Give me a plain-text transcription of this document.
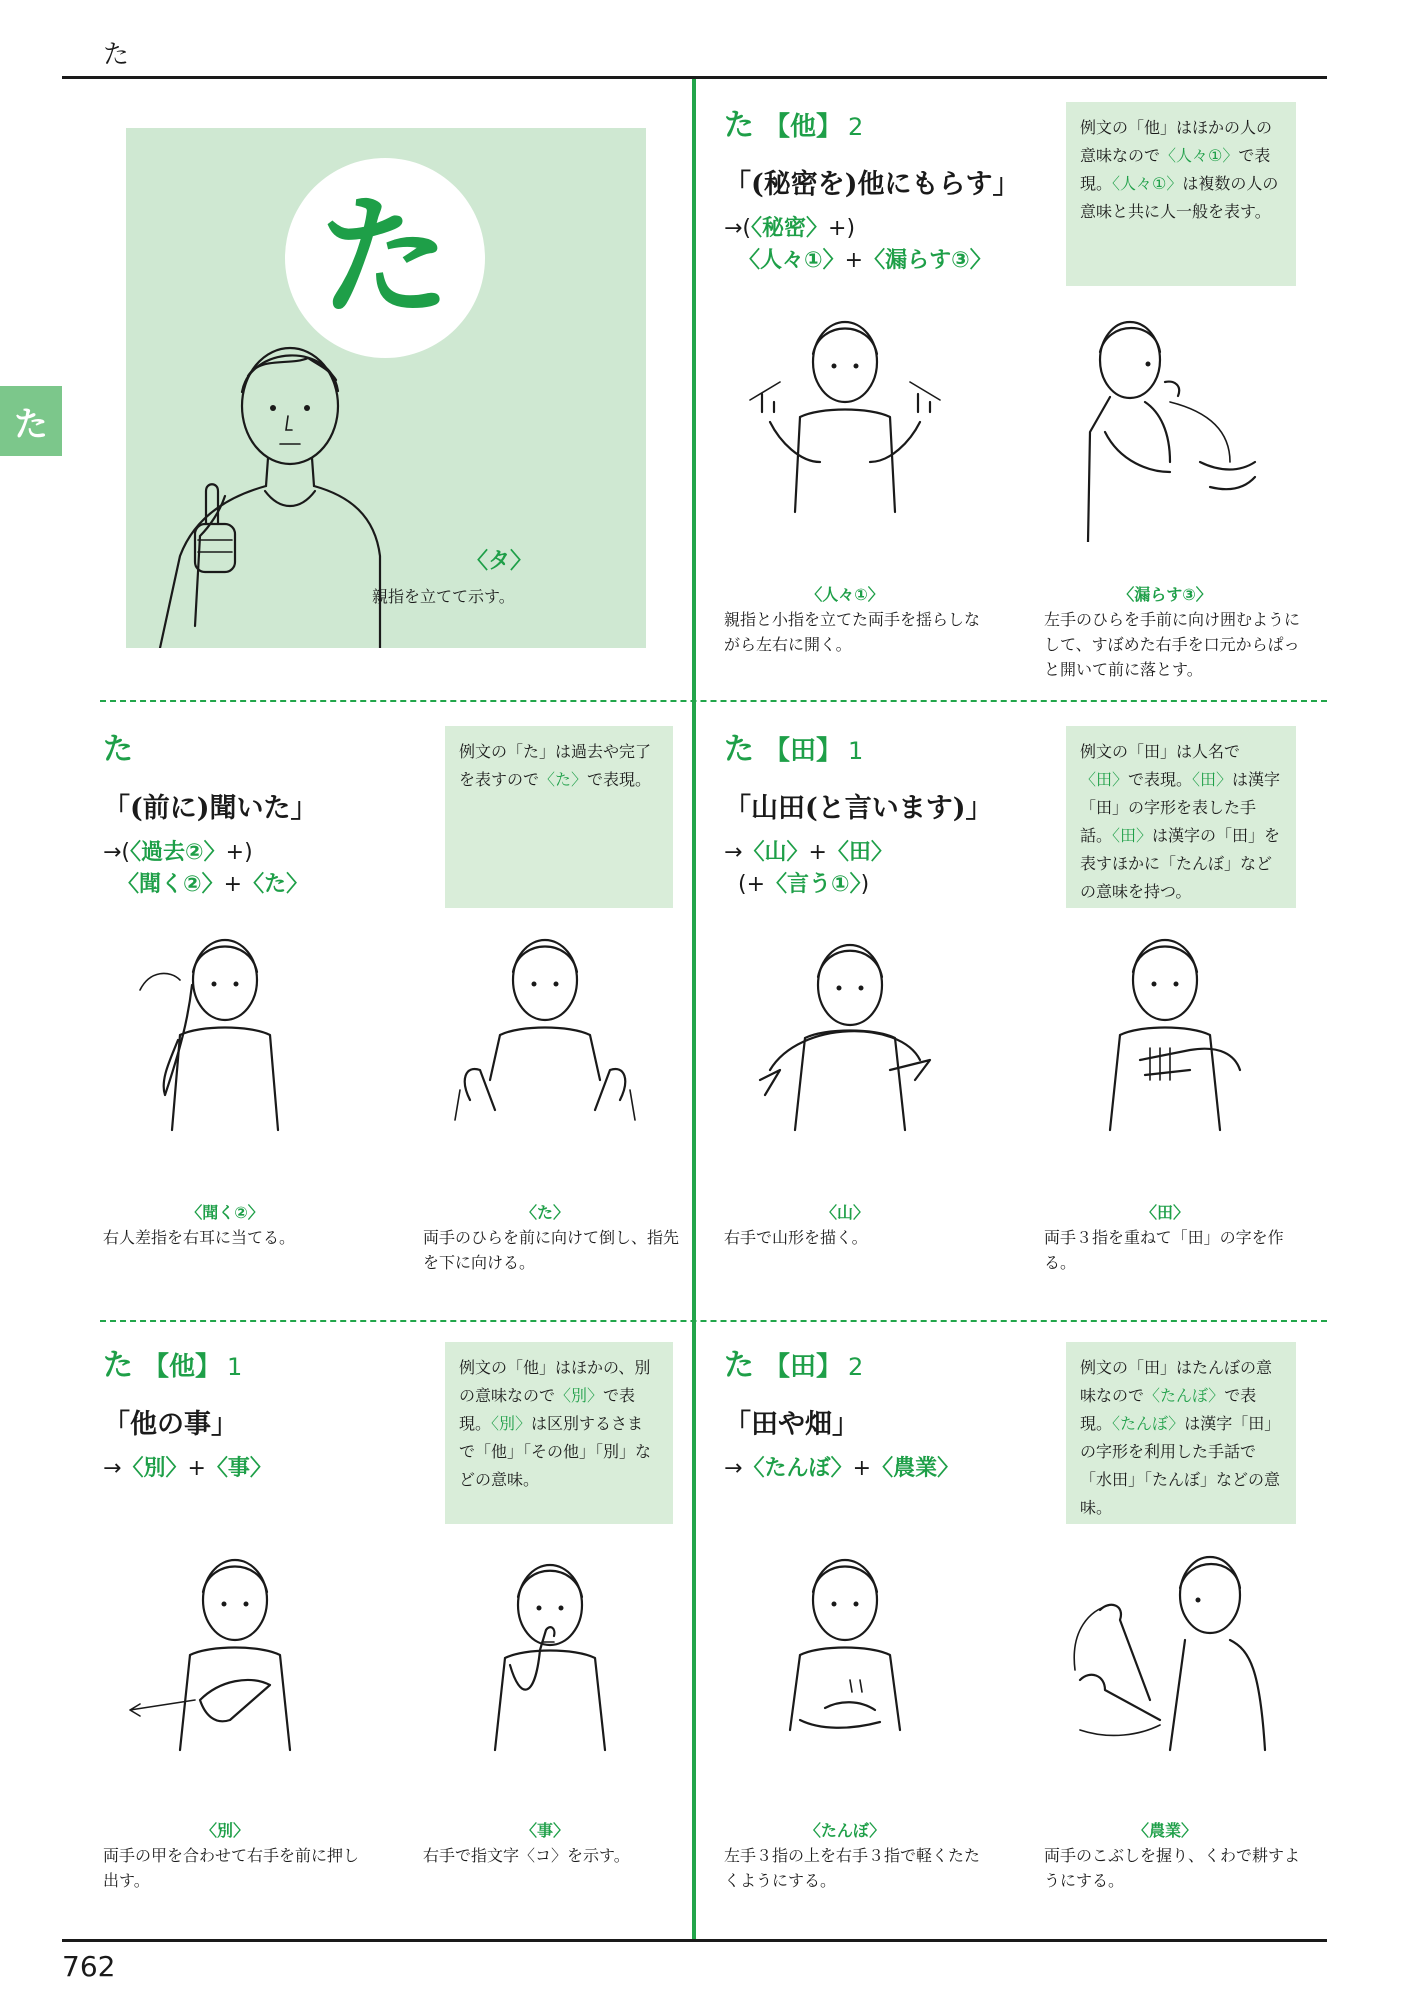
た
762
た
た
〈タ〉
親指を立てて示す。
た 【他】 2
「(秘密を)他にもらす」
→(〈秘密〉+)
〈人々①〉+〈漏らす③〉
例文の「他」はほかの人の意味なので〈人々①〉で表現。〈人々①〉は複数の人の意味と共に人一般を表す。
〈人々①〉
親指と小指を立てた両手を揺らしながら左右に開く。
〈漏らす③〉
左手のひらを手前に向け囲むようにして、すぼめた右手を口元からぱっと開いて前に落とす。
た
「(前に)聞いた」
→(〈過去②〉+)
〈聞く②〉+〈た〉
例文の「た」は過去や完了を表すので〈た〉で表現。
〈聞く②〉
右人差指を右耳に当てる。
〈た〉
両手のひらを前に向けて倒し、指先を下に向ける。
た 【田】 1
「山田(と言います)」
→〈山〉+〈田〉
(+〈言う①〉)
例文の「田」は人名で〈田〉で表現。〈田〉は漢字「田」の字形を表した手話。〈田〉は漢字の「田」を表すほかに「たんぼ」などの意味を持つ。
〈山〉
右手で山形を描く。
〈田〉
両手３指を重ねて「田」の字を作る。
た 【他】 1
「他の事」
→〈別〉+〈事〉
例文の「他」はほかの、別の意味なので〈別〉で表現。〈別〉は区別するさまで「他」「その他」「別」などの意味。
〈別〉
両手の甲を合わせて右手を前に押し出す。
〈事〉
右手で指文字〈コ〉を示す。
た 【田】 2
「田や畑」
→〈たんぼ〉+〈農業〉
例文の「田」はたんぼの意味なので〈たんぼ〉で表現。〈たんぼ〉は漢字「田」の字形を利用した手話で「水田」「たんぼ」などの意味。
〈たんぼ〉
左手３指の上を右手３指で軽くたたくようにする。
〈農業〉
両手のこぶしを握り、くわで耕すようにする。
